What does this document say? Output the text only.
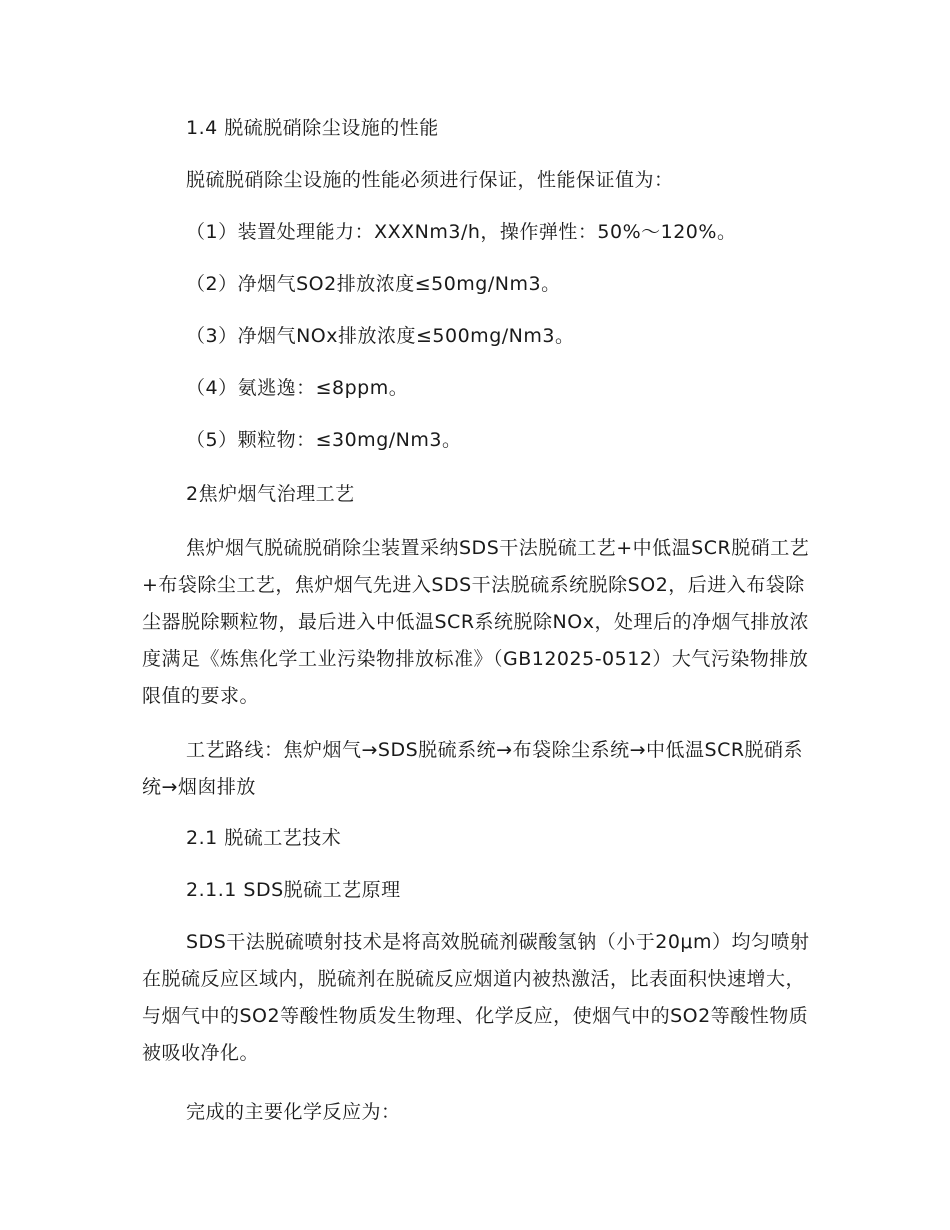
1.4 脱硫脱硝除尘设施的性能
脱硫脱硝除尘设施的性能必须进行保证，性能保证值为：
（1）装置处理能力：XXXNm3/h，操作弹性：50%～120%。
（2）净烟气SO2排放浓度≤50mg/Nm3。
（3）净烟气NOx排放浓度≤500mg/Nm3。
（4）氨逃逸：≤8ppm。
（5）颗粒物：≤30mg/Nm3。
2焦炉烟气治理工艺

焦炉烟气脱硫脱硝除尘装置采纳SDS干法脱硫工艺+中低温SCR脱硝工艺+布袋除尘工艺，焦炉烟气先进入SDS干法脱硫系统脱除SO2，后进入布袋除尘器脱除颗粒物，最后进入中低温SCR系统脱除NOx，处理后的净烟气排放浓度满足《炼焦化学工业污染物排放标准》（GB12025-0512）大气污染物排放限值的要求。

工艺路线：焦炉烟气→SDS脱硫系统→布袋除尘系统→中低温SCR脱硝系统→烟囱排放

2.1 脱硫工艺技术
2.1.1 SDS脱硫工艺原理

SDS干法脱硫喷射技术是将高效脱硫剂碳酸氢钠（小于20μm）均匀喷射在脱硫反应区域内，脱硫剂在脱硫反应烟道内被热激活，比表面积快速增大，与烟气中的SO2等酸性物质发生物理、化学反应，使烟气中的SO2等酸性物质被吸收净化。

完成的主要化学反应为：
